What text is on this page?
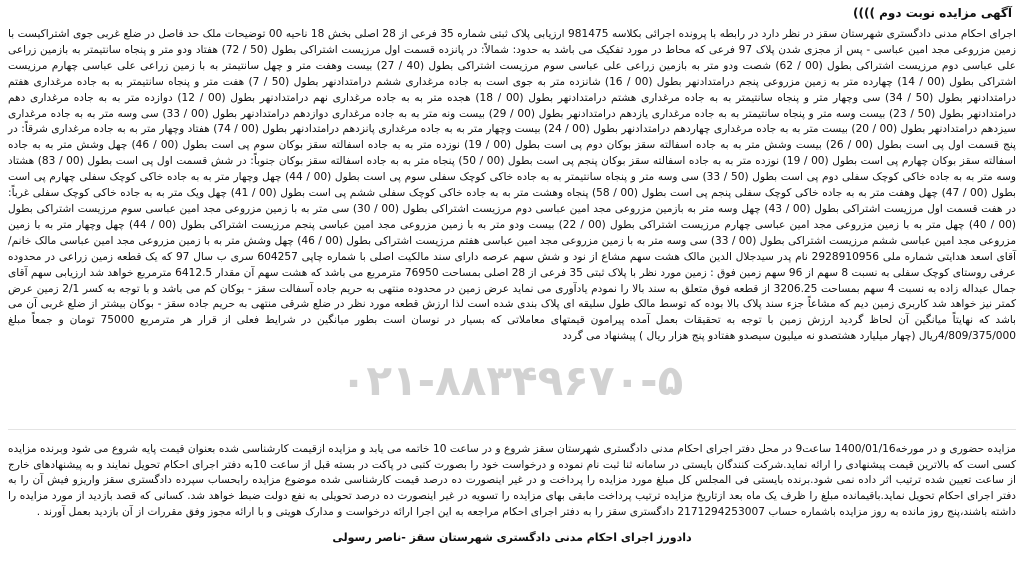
آگهی مزایده نوبت دوم ))))

اجرای احکام مدنی دادگستری شهرستان سقز در نظر دارد در رابطه با پرونده اجرائی بکلاسه 981475 ارزیابی پلاک ثبتی شماره 35 فرعی از 28 اصلی بخش 18 ناحیه 00 توضیحات ملک حد فاصل در ضلع غربی جوی اشتراکیست با زمین مزروعی مجد امین عباسی - پس از مجزی شدن پلاک 97 فرعی که محاط در مورد تفکیک می باشد به حدود: شمالاً: در پانزده قسمت اول مرزیست اشتراکی بطول (50 / 72) هفتاد ودو متر و پنجاه سانتیمتر به بازمین زراعی علی عباسی دوم مرزیست اشتراکی بطول (00 / 62) شصت ودو متر به بازمین زراعی علی عباسی سوم مرزیست اشتراکی بطول (40 / 27) بیست وهفت متر و چهل سانتیمتر به با زمین زراعی علی عباسی چهارم مرزیست اشتراکی بطول (00 / 14) چهارده متر به زمین مزروعی پنجم درامتدادنهر بطول (00 / 16) شانزده متر به جوی است به جاده مرغداری ششم درامتدادنهر بطول (50 / 7) هفت متر و پنجاه سانتیمتر به به جاده مرغداری هفتم درامتدادنهر بطول (50 / 34) سی وچهار متر و پنجاه سانتیمتر به به جاده مرغداری هشتم درامتدادنهر بطول (00 / 18) هجده متر به به جاده مرغداری نهم درامتدادنهر بطول (00 / 12) دوازده متر به به جاده مرغداری دهم درامتدادنهر بطول (50 / 23) بیست وسه متر و پنجاه سانتیمتر به به جاده مرغداری یازدهم درامتدادنهر بطول (00 / 29) بیست ونه متر به به جاده مرغداری دوازدهم درامتدادنهر بطول (00 / 33) سی وسه متر به به جاده مرغداری سیزدهم درامتدادنهر بطول (00 / 20) بیست متر به به جاده مرغداری چهاردهم درامتدادنهر بطول (00 / 24) بیست وچهار متر به به جاده مرغداری پانزدهم درامتدادنهر بطول (00 / 74) هفتاد وچهار متر به به جاده مرغداری شرقاً: در پنج قسمت اول پی است بطول (00 / 26) بیست وشش متر به به جاده اسفالته سقز بوکان دوم پی است بطول (00 / 19) نوزده متر به به جاده اسفالته سقز بوکان سوم پی است بطول (00 / 46) چهل وشش متر به به جاده اسفالته سقز بوکان چهارم پی است بطول (00 / 19) نوزده متر به به جاده اسفالته سقز بوکان پنجم پی است بطول (00 / 50) پنجاه متر به به جاده اسفالته سقز بوکان جنوباً: در شش قسمت اول پی است بطول (00 / 83) هشتاد وسه متر به به جاده خاکی کوچک سفلی دوم پی است بطول (50 / 33) سی وسه متر و پنجاه سانتیمتر به به جاده خاکی کوچک سفلی سوم پی است بطول (00 / 44) چهل وچهار متر به به جاده خاکی کوچک سفلی چهارم پی است بطول (00 / 47) چهل وهفت متر به به جاده خاکی کوچک سفلی پنجم پی است بطول (00 / 58) پنجاه وهشت متر به به جاده خاکی کوچک سفلی ششم پی است بطول (00 / 41) چهل ویک متر به به جاده خاکی کوچک سفلی غرباً: در هفت قسمت اول مرزیست اشتراکی بطول (00 / 43) چهل وسه متر به بازمین مزروعی مجد امین عباسی دوم مرزیست اشتراکی بطول (00 / 30) سی متر به با زمین مزروعی مجد امین عباسی سوم مرزیست اشتراکی بطول (00 / 40) چهل متر به با زمین مزروعی مجد امین عباسی چهارم مرزیست اشتراکی بطول (00 / 22) بیست ودو متر به با زمین مزروعی مجد امین عباسی پنجم مرزیست اشتراکی بطول (00 / 44) چهل وچهار متر به با زمین مزروعی مجد امین عباسی ششم مرزیست اشتراکی بطول (00 / 33) سی وسه متر به با زمین مزروعی مجد امین عباسی هفتم مرزیست اشتراکی بطول (00 / 46) چهل وشش متر به با زمین مزروعی مجد امین عباسی مالک خانم/آقای اسعد هدایتی شماره ملی 2928910956 نام پدر سیدجلال الدین مالک هشت سهم مشاع از نود و شش سهم عرصه دارای سند مالکیت اصلی با شماره چاپی 604257 سری ب سال 97 که یک قطعه زمین زراعی در محدوده عرفی روستای کوچک سفلی به نسبت 8 سهم از 96 سهم زمین فوق : زمین مورد نظر با پلاک ثبتی 35 فرعی از 28 اصلی بمساحت 76950 مترمربع می باشد که هشت سهم آن مقدار 6412.5 مترمربع خواهد شد ارزیابی سهم آقای جمال عبداله زاده به نسبت 4 سهم بمساحت 3206.25 از قطعه فوق متعلق به سند بالا را نمودم یادآوری می نماید عرض زمین در محدوده منتهی به حریم جاده آسفالت سقز - بوکان کم می باشد و با توجه به کسر 2/1 زمین عرض کمتر نیز خواهد شد کاربری زمین دیم که مشاعاً جزء سند پلاک بالا بوده که توسط مالک طول سلیقه ای پلاک بندی شده است لذا ارزش قطعه مورد نظر در ضلع شرقی منتهی به حریم جاده سقز - بوکان بیشتر از ضلع غربی آن می باشد که نهایتاً میانگین آن لحاظ گردید ارزش زمین با توجه به تحقیقات بعمل آمده پیرامون قیمتهای معاملاتی که بسیار در نوسان است بطور میانگین در شرایط فعلی از قرار هر مترمربع 75000 تومان و جمعاً مبلغ 4/809/375/000ریال (چهار میلیارد هشتصدو نه میلیون سیصدو هفتادو پنج هزار ریال ) پیشنهاد می گردد

۰۲۱-۸۸۳۴۹۶۷۰-۵

مزایده حضوری و در مورخه1400/01/16 ساعت9 در محل دفتر اجرای احکام مدنی دادگستری شهرستان سقز شروع و در ساعت 10 خاتمه می یابد و مزایده ازقیمت کارشناسی شده بعنوان قیمت پایه شروع می شود وبرنده مزایده کسی است که بالاترین قیمت پیشنهادی را ارائه نماید.شرکت کنندگان بایستی در سامانه ثنا ثبت نام نموده و درخواست خود را بصورت کتبی در پاکت در بسته قبل از ساعت 10به دفتر اجرای احکام تحویل نمایند و به پیشنهادهای خارج از ساعت تعیین شده ترتیب اثر داده نمی شود.برنده بایستی فی المجلس کل مبلغ مورد مزایده را پرداخت و در غیر اینصورت ده درصد قیمت کارشناسی شده موضوع مزایده رابحساب سپرده دادگستری سقز واریزو فیش آن را به دفتر اجرای احکام تحویل نماید.باقیمانده مبلغ را ظرف یک ماه بعد ازتاریخ مزایده ترتیب پرداخت مابقی بهای مزایده را تسویه در غیر اینصورت ده درصد تحویلی به نفع دولت ضبط خواهد شد. کسانی که قصد بازدید از مورد مزایده را داشته باشند،پنج روز مانده به روز مزایده باشماره حساب 2171294253007 دادگستری سقز را به دفتر اجرای احکام مراجعه به این اجرا ارائه درخواست و مدارک هویتی و با ارائه مجوز وفق مقررات از آن بازدید بعمل آورند .

دادورز اجرای احکام مدنی دادگستری شهرستان سقز -ناصر رسولی
